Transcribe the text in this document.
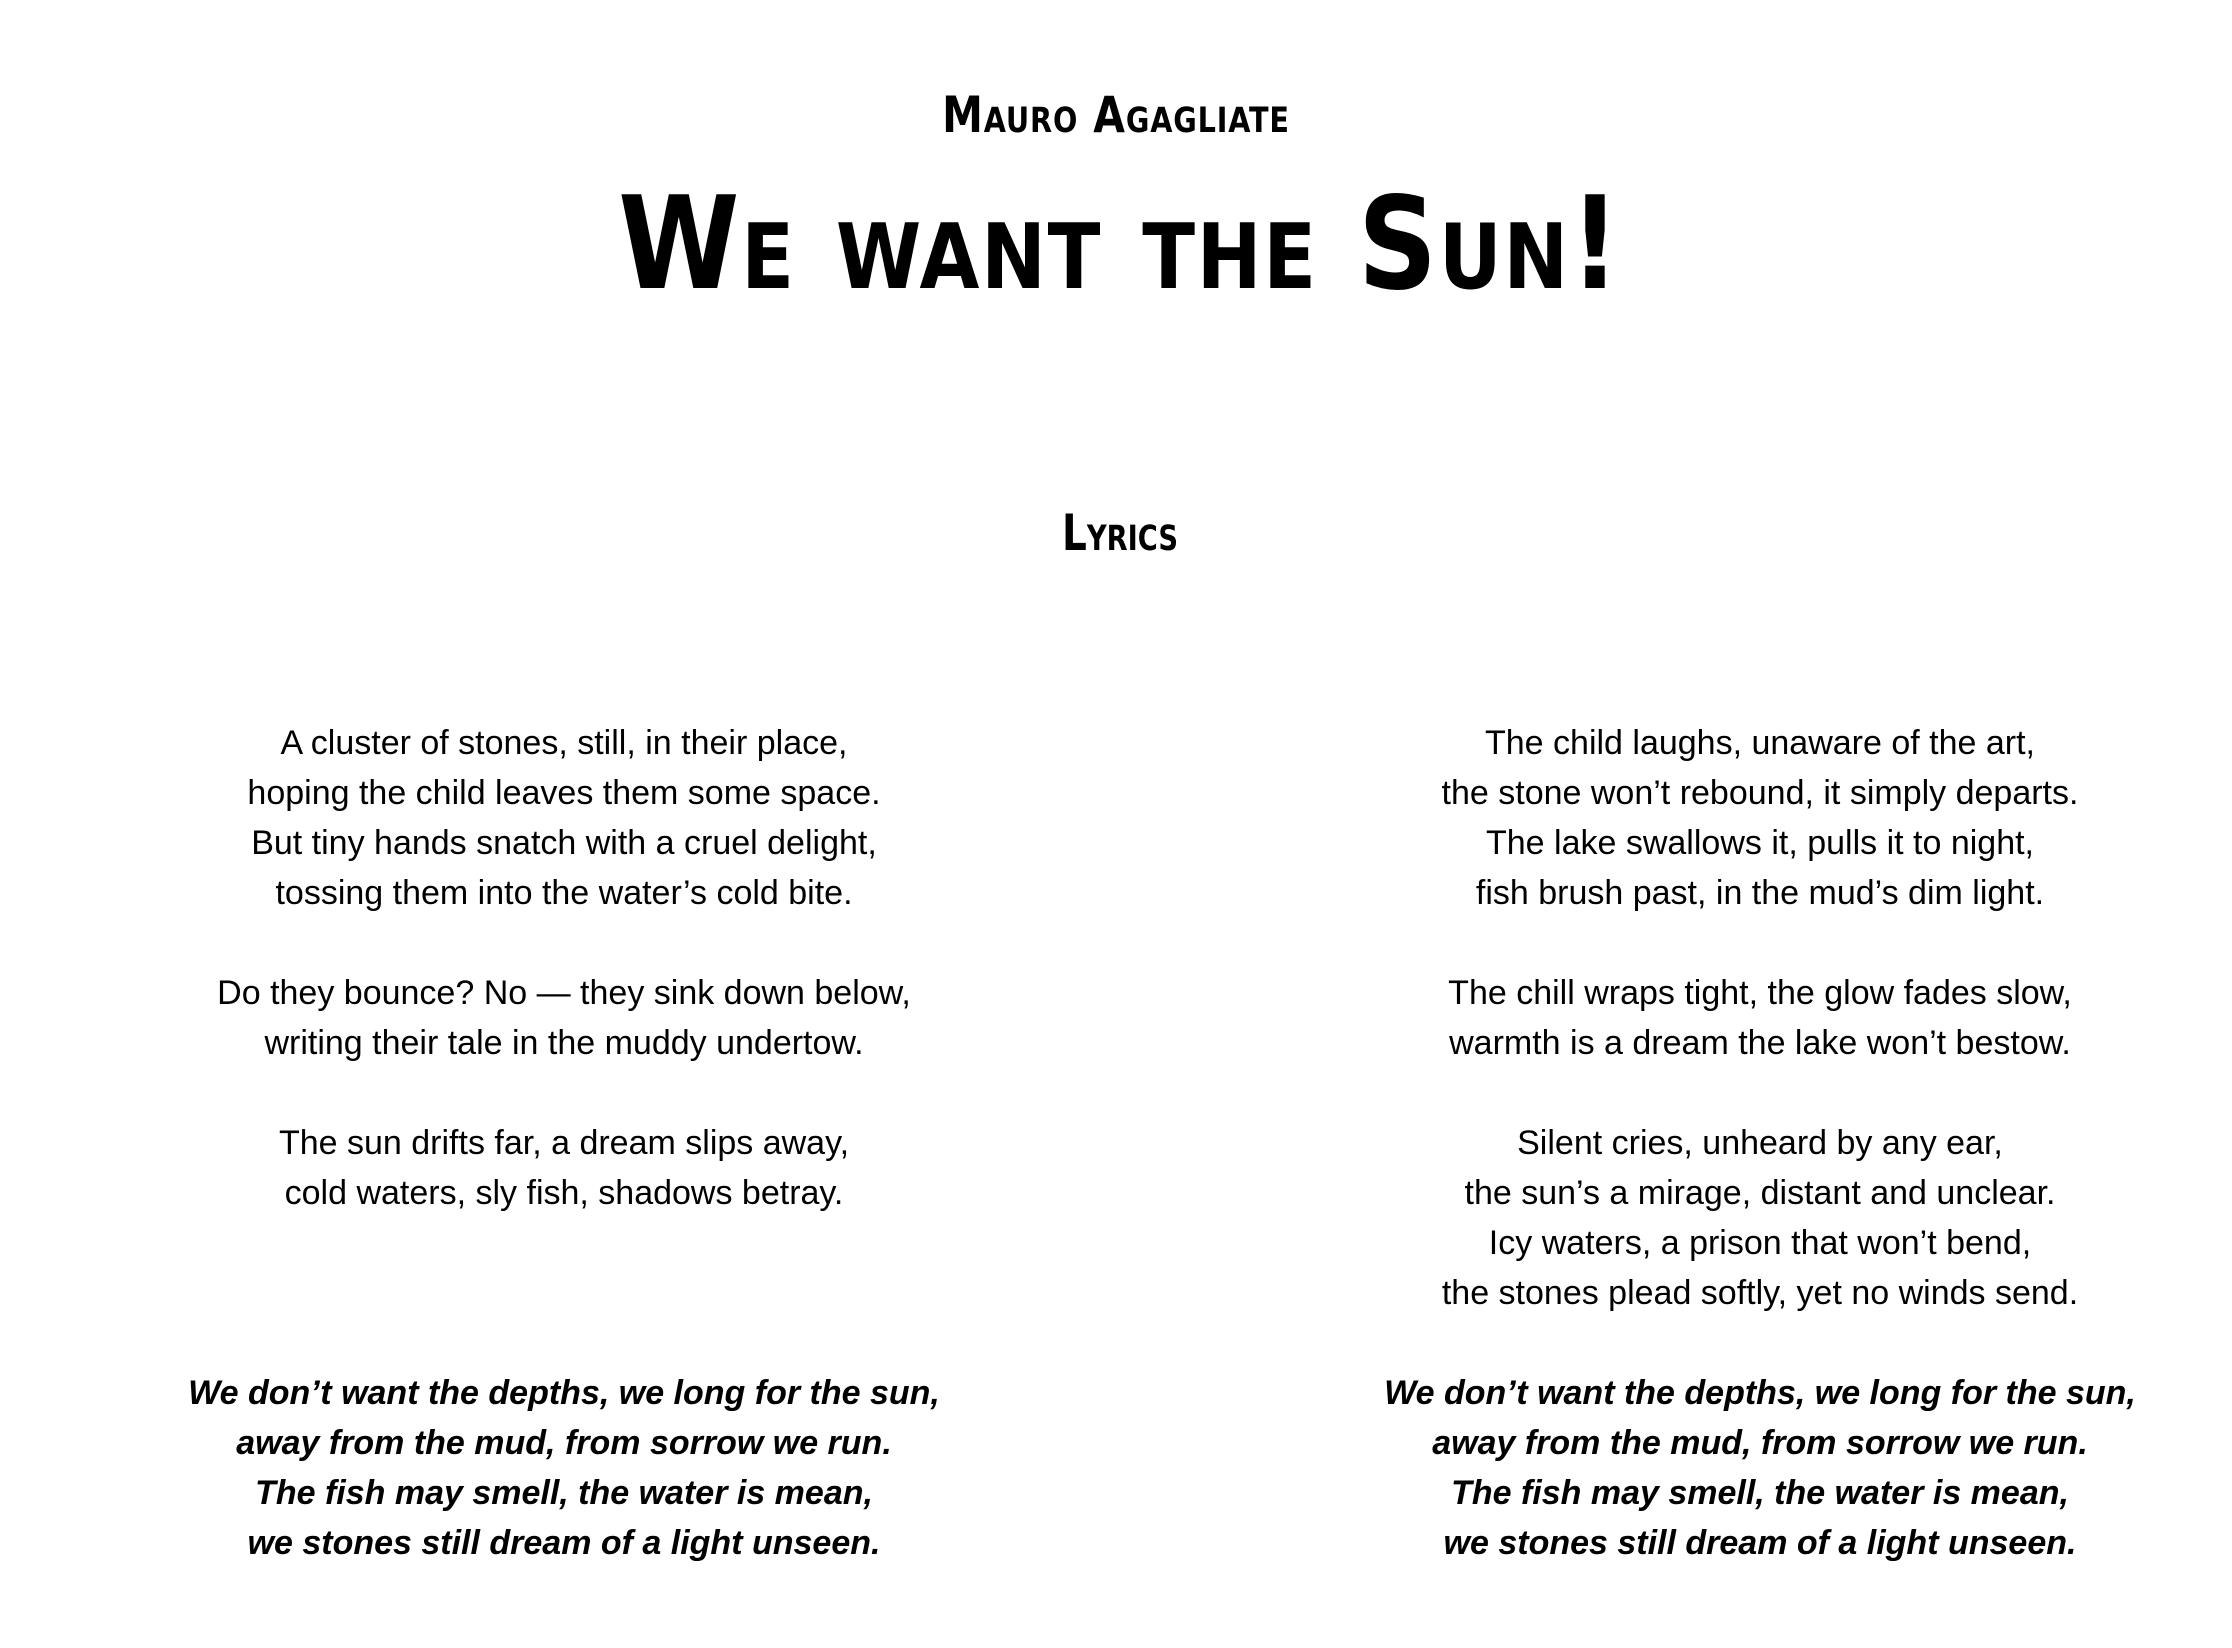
Mauro Agagliate
We want the Sun!
Lyrics
A cluster of stones, still, in their place,
hoping the child leaves them some space.
But tiny hands snatch with a cruel delight,
tossing them into the water’s cold bite.
Do they bounce? No — they sink down below,
writing their tale in the muddy undertow.
The sun drifts far, a dream slips away,
cold waters, sly fish, shadows betray.
We don’t want the depths, we long for the sun,
away from the mud, from sorrow we run.
The fish may smell, the water is mean,
we stones still dream of a light unseen.
The child laughs, unaware of the art,
the stone won’t rebound, it simply departs.
The lake swallows it, pulls it to night,
fish brush past, in the mud’s dim light.
The chill wraps tight, the glow fades slow,
warmth is a dream the lake won’t bestow.
Silent cries, unheard by any ear,
the sun’s a mirage, distant and unclear.
Icy waters, a prison that won’t bend,
the stones plead softly, yet no winds send.
We don’t want the depths, we long for the sun,
away from the mud, from sorrow we run.
The fish may smell, the water is mean,
we stones still dream of a light unseen.
